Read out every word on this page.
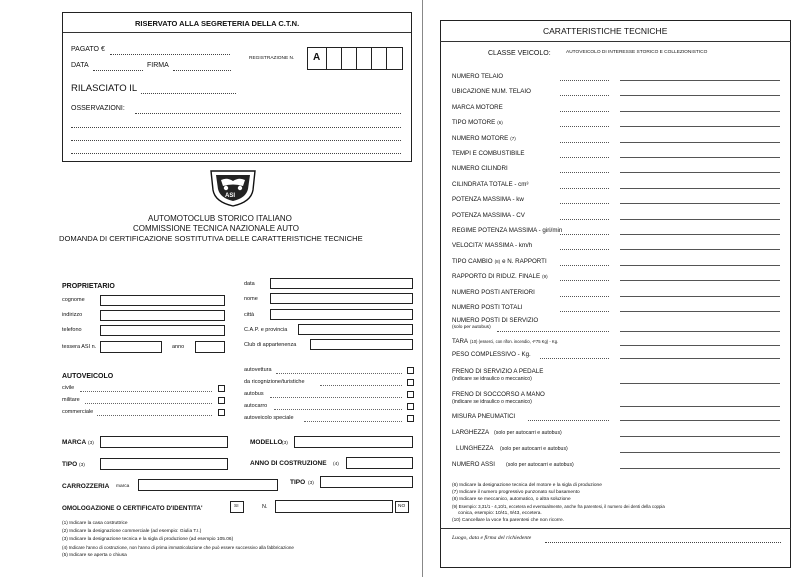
RISERVATO ALLA SEGRETERIA DELLA C.T.N.
PAGATO €
DATA	FIRMA
REGISTRAZIONE N. A
RILASCIATO IL
OSSERVAZIONI:
ASI
AUTOMOTOCLUB STORICO ITALIANO
COMMISSIONE TECNICA NAZIONALE AUTO
DOMANDA DI CERTIFICAZIONE SOSTITUTIVA DELLE CARATTERISTICHE TECNICHE
PROPRIETARIO
cognome
indirizzo
telefono
tessera ASI n.	anno
data
nome
città
C.A.P. e provincia
Club di appartenenza
AUTOVEICOLO
civile
militare
commerciale
autovettura
da ricognizione/turistiche
autobus
autocarro
autoveicolo speciale
MARCA (3)	MODELLO (3)
TIPO (3)	ANNO DI COSTRUZIONE (4)
CARROZZERIA marca
TIPO (3)
OMOLOGAZIONE O CERTIFICATO D'IDENTITA'	SI	N.	NO
(1) Indicare la casa costruttrice
(2) Indicare la designazione commerciale (ad esempio: Giulia T.I.)
(3) Indicare la designazione tecnica e la sigla di produzione (ad esempio 105.06)
(4) Indicare l'anno di costruzione, non l'anno di prima immatricolazione che può essere successivo alla fabbricazione
(5) Indicare se aperta o chiusa
CARATTERISTICHE TECNICHE
CLASSE VEICOLO:	AUTOVEICOLO DI INTERESSE STORICO E COLLEZIONISTICO
NUMERO TELAIO
UBICAZIONE NUM. TELAIO
MARCA MOTORE
TIPO MOTORE (6)
NUMERO MOTORE (7)
TEMPI E COMBUSTIBILE
NUMERO CILINDRI
CILINDRATA TOTALE - cm³
POTENZA MASSIMA - kw
POTENZA MASSIMA - CV
REGIME POTENZA MASSIMA - giri/min
VELOCITA' MASSIMA - km/h
TIPO CAMBIO (8) e N. RAPPORTI
RAPPORTO DI RIDUZ. FINALE (9)
NUMERO POSTI ANTERIORI
NUMERO POSTI TOTALI
NUMERO POSTI DI SERVIZIO
(solo per autobus)
TARA (10) (esserci, con rifon. incendio, -F75 Kg) - Kg.
PESO COMPLESSIVO - Kg.
FRENO DI SERVIZIO A PEDALE
(indicare se idraulico o meccanico)
FRENO DI SOCCORSO A MANO
(indicare se idraulico o meccanico)
MISURA PNEUMATICI
LARGHEZZA (solo per autocarri e autobus)
LUNGHEZZA (solo per autocarri e autobus)
NUMERO ASSI (solo per autocarri e autobus)
(6) Indicare la designazione tecnica del motore e la sigla di produzione
(7) Indicare il numero progressivo punzonato sul basamento
(8) Indicare se meccanico, automatico, o altra soluzione
(9) Esempio: 3,31/1 - 4,10/1, eccetera ed eventualmente, anche fra parentesi, il numero dei denti della coppia
conica, esempio: 10/41, 9/43, eccetera.
(10) Cancellare la voce fra parentesi che non ricorre.
Luogo, data e firma del richiedente
